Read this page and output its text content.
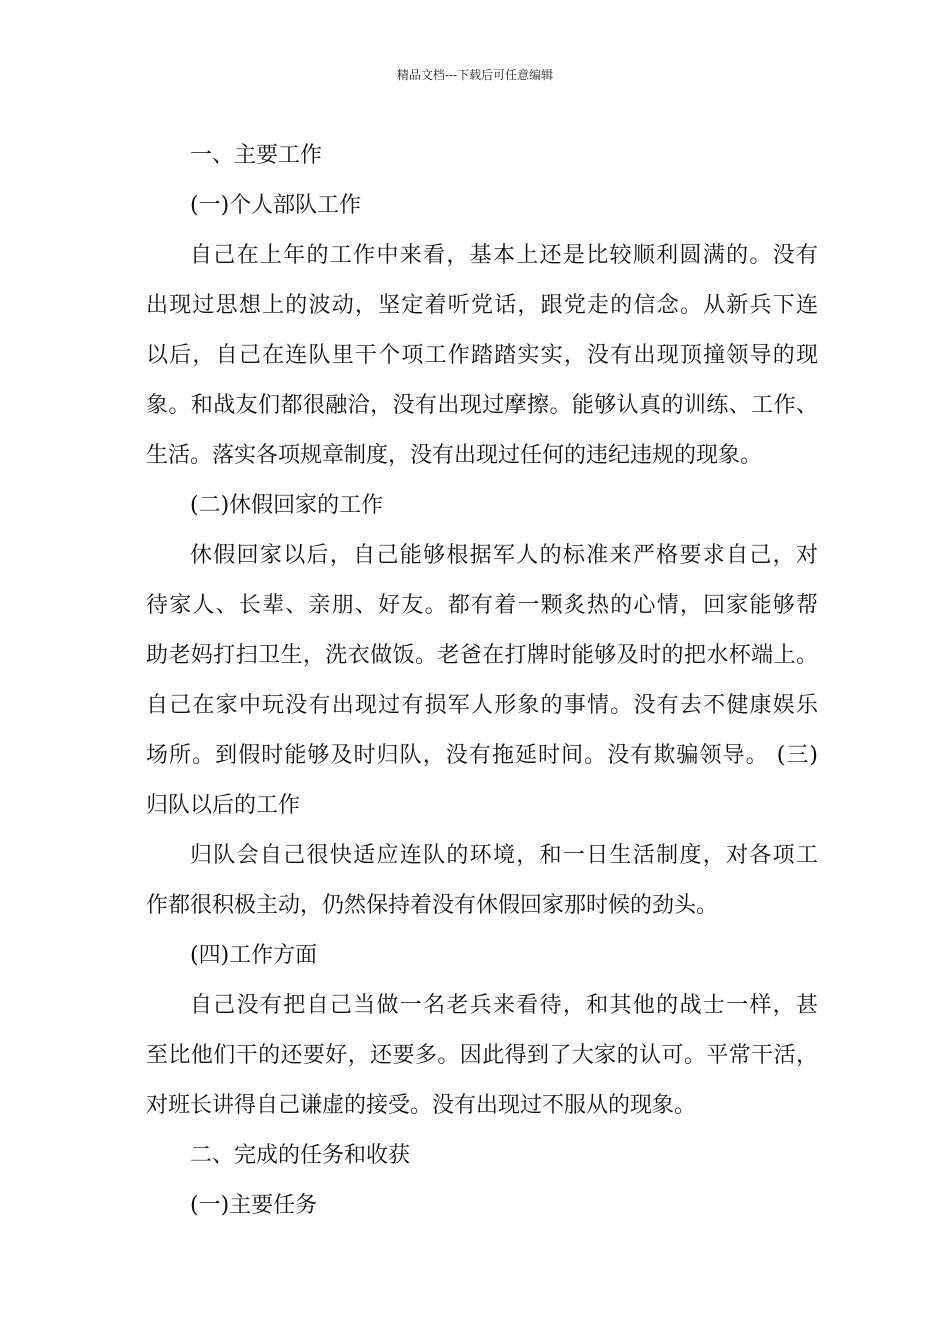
精品文档---下载后可任意编辑
一、主要工作
(一)个人部队工作
自己在上年的工作中来看，基本上还是比较顺利圆满的。没有
出现过思想上的波动，坚定着听党话，跟党走的信念。从新兵下连
以后，自己在连队里干个项工作踏踏实实，没有出现顶撞领导的现
象。和战友们都很融洽，没有出现过摩擦。能够认真的训练、工作、
生活。落实各项规章制度，没有出现过任何的违纪违规的现象。
(二)休假回家的工作
休假回家以后，自己能够根据军人的标准来严格要求自己，对
待家人、长辈、亲朋、好友。都有着一颗炙热的心情，回家能够帮
助老妈打扫卫生，洗衣做饭。老爸在打牌时能够及时的把水杯端上。
自己在家中玩没有出现过有损军人形象的事情。没有去不健康娱乐
场所。到假时能够及时归队，没有拖延时间。没有欺骗领导。 (三)
归队以后的工作
归队会自己很快适应连队的环境，和一日生活制度，对各项工
作都很积极主动，仍然保持着没有休假回家那时候的劲头。
(四)工作方面
自己没有把自己当做一名老兵来看待，和其他的战士一样，甚
至比他们干的还要好，还要多。因此得到了大家的认可。平常干活，
对班长讲得自己谦虚的接受。没有出现过不服从的现象。
二、完成的任务和收获
(一)主要任务
